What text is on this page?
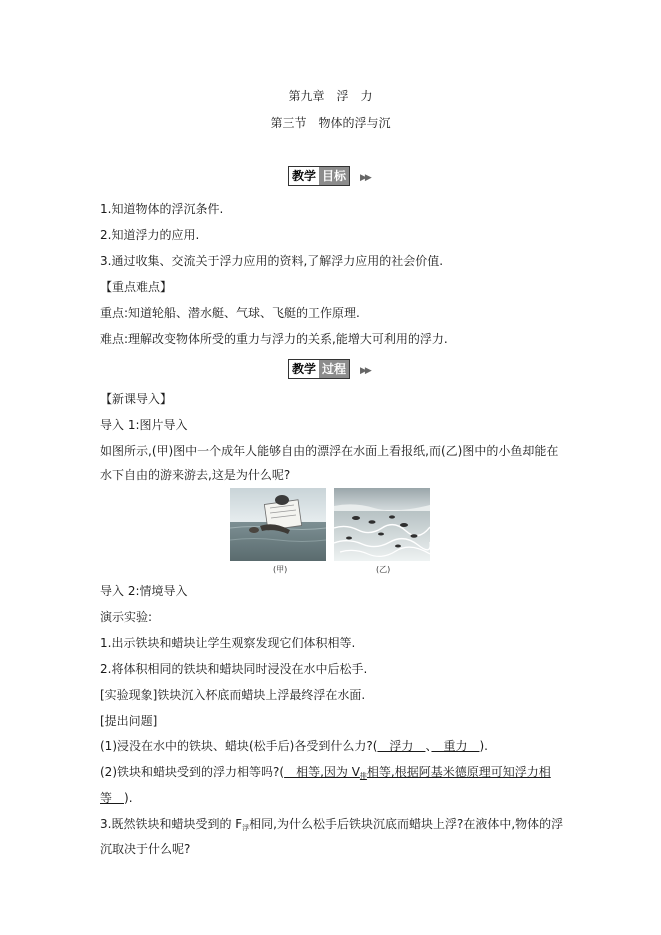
第九章　浮　力
第三节　物体的浮与沉
教学 目标	▶▶
1.知道物体的浮沉条件.
2.知道浮力的应用.
3.通过收集、交流关于浮力应用的资料,了解浮力应用的社会价值.
【重点难点】
重点:知道轮船、潜水艇、气球、飞艇的工作原理.
难点:理解改变物体所受的重力与浮力的关系,能增大可利用的浮力.
教学 过程	▶▶
【新课导入】
导入 1:图片导入
如图所示,(甲)图中一个成年人能够自由的漂浮在水面上看报纸,而(乙)图中的小鱼却能在
水下自由的游来游去,这是为什么呢?
(甲)	(乙)
导入 2:情境导入
演示实验:
1.出示铁块和蜡块让学生观察发现它们体积相等.
2.将体积相同的铁块和蜡块同时浸没在水中后松手.
[实验现象]铁块沉入杯底而蜡块上浮最终浮在水面.
[提出问题]
(1)浸没在水中的铁块、蜡块(松手后)各受到什么力?(　浮力　、　重力　).
(2)铁块和蜡块受到的浮力相等吗?(　相等,因为 $V_排$相等,根据阿基米德原理可知浮力相
等　).
3.既然铁块和蜡块受到的 $F_浮$相同,为什么松手后铁块沉底而蜡块上浮?在液体中,物体的浮
沉取决于什么呢?
